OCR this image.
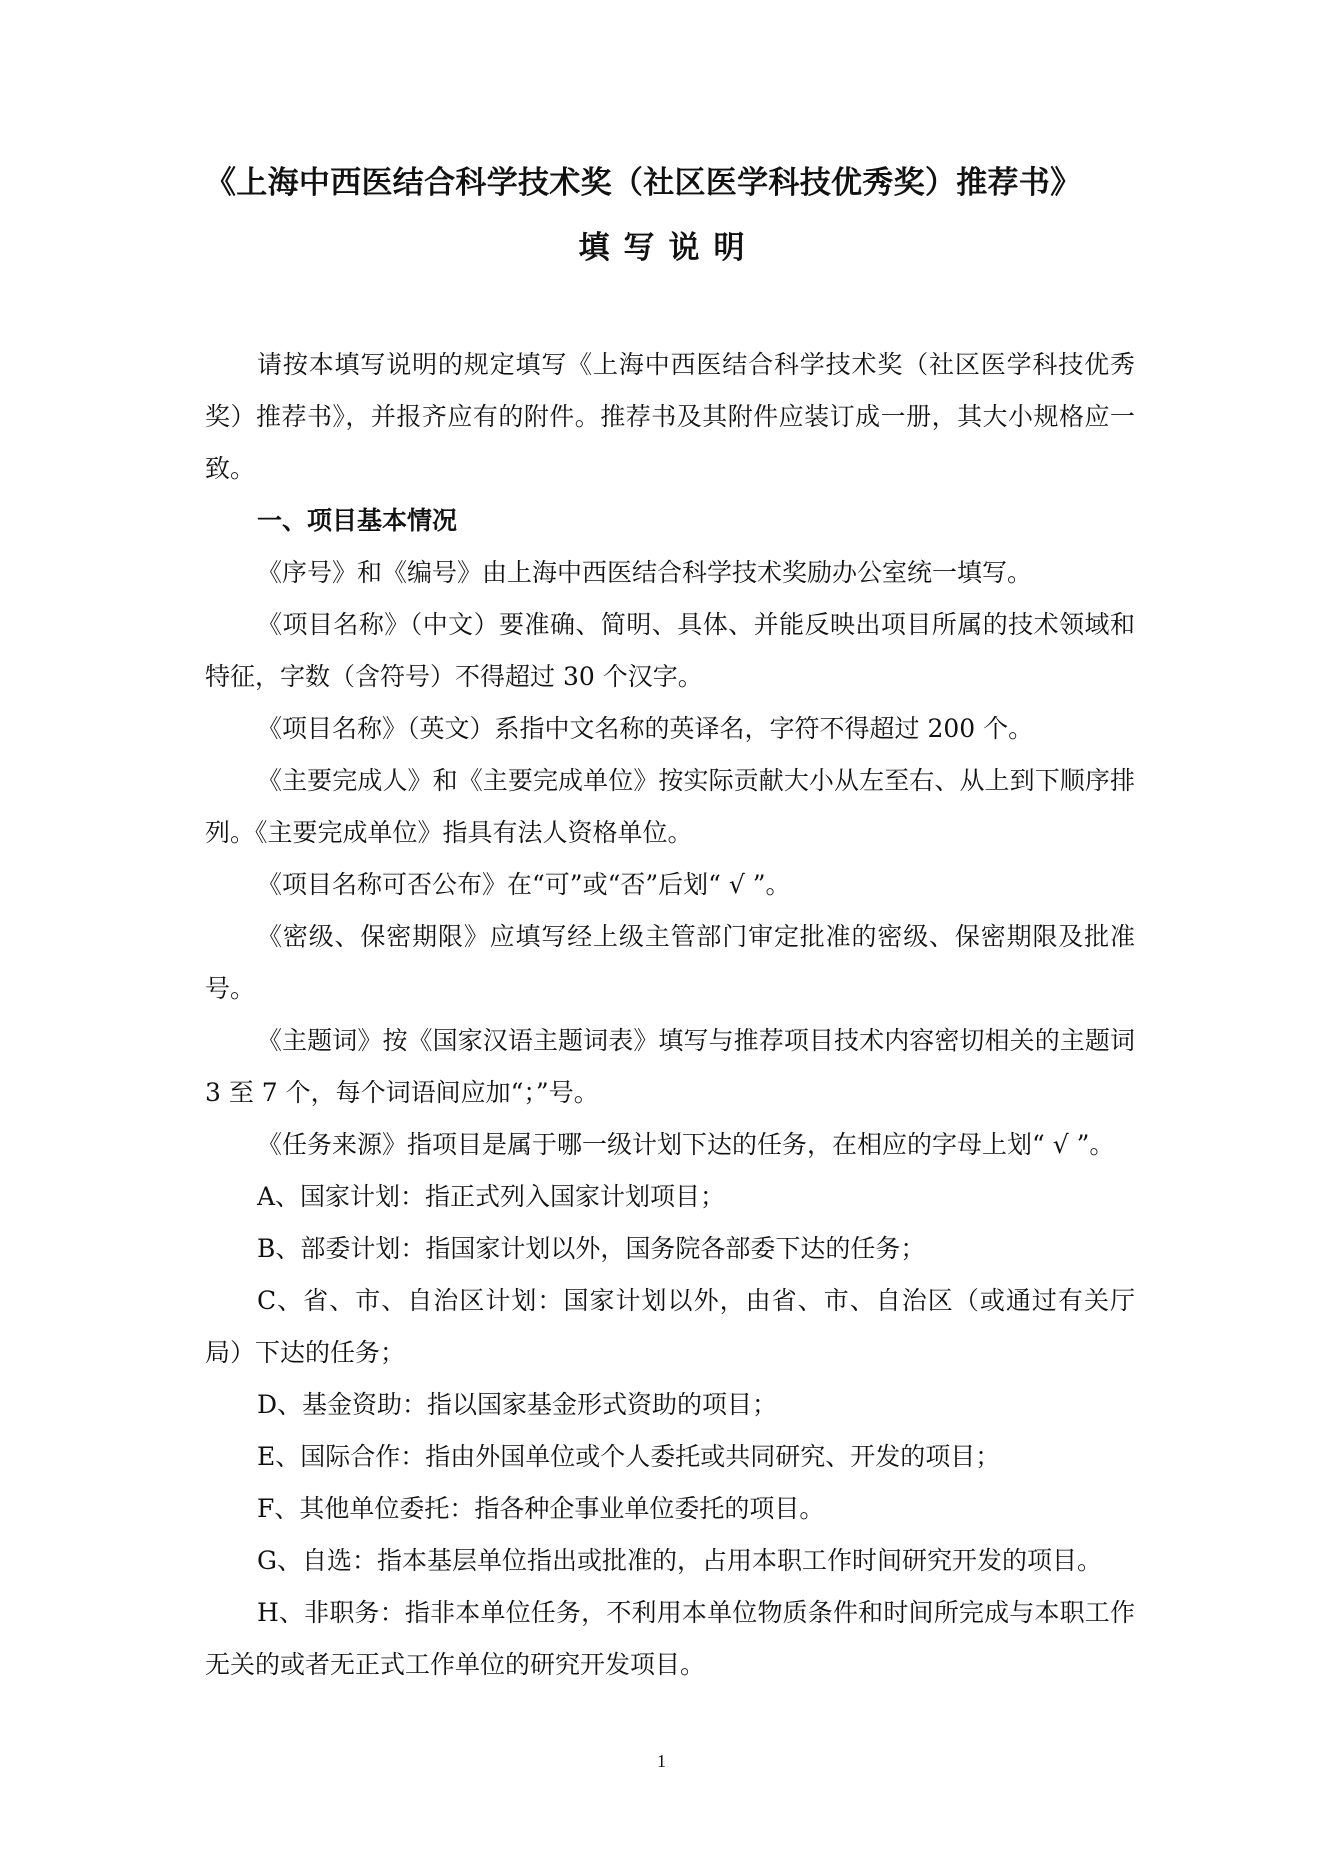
《上海中西医结合科学技术奖（社区医学科技优秀奖）推荐书》
填写说明

请按本填写说明的规定填写《上海中西医结合科学技术奖（社区医学科技优秀奖）推荐书》，并报齐应有的附件。推荐书及其附件应装订成一册，其大小规格应一致。

一、项目基本情况

《序号》和《编号》由上海中西医结合科学技术奖励办公室统一填写。

《项目名称》（中文）要准确、简明、具体、并能反映出项目所属的技术领域和特征，字数（含符号）不得超过 30 个汉字。

《项目名称》（英文）系指中文名称的英译名，字符不得超过 200 个。

《主要完成人》和《主要完成单位》按实际贡献大小从左至右、从上到下顺序排列。《主要完成单位》指具有法人资格单位。

《项目名称可否公布》在“可”或“否”后划“ √ ”。

《密级、保密期限》应填写经上级主管部门审定批准的密级、保密期限及批准号。

《主题词》按《国家汉语主题词表》填写与推荐项目技术内容密切相关的主题词 3 至 7 个，每个词语间应加“；”号。

《任务来源》指项目是属于哪一级计划下达的任务，在相应的字母上划“ √ ”。

A、国家计划：指正式列入国家计划项目；

B、部委计划：指国家计划以外，国务院各部委下达的任务；

C、省、市、自治区计划：国家计划以外，由省、市、自治区（或通过有关厅局）下达的任务；

D、基金资助：指以国家基金形式资助的项目；

E、国际合作：指由外国单位或个人委托或共同研究、开发的项目；

F、其他单位委托：指各种企事业单位委托的项目。

G、自选：指本基层单位指出或批准的，占用本职工作时间研究开发的项目。

H、非职务：指非本单位任务，不利用本单位物质条件和时间所完成与本职工作无关的或者无正式工作单位的研究开发项目。

1
